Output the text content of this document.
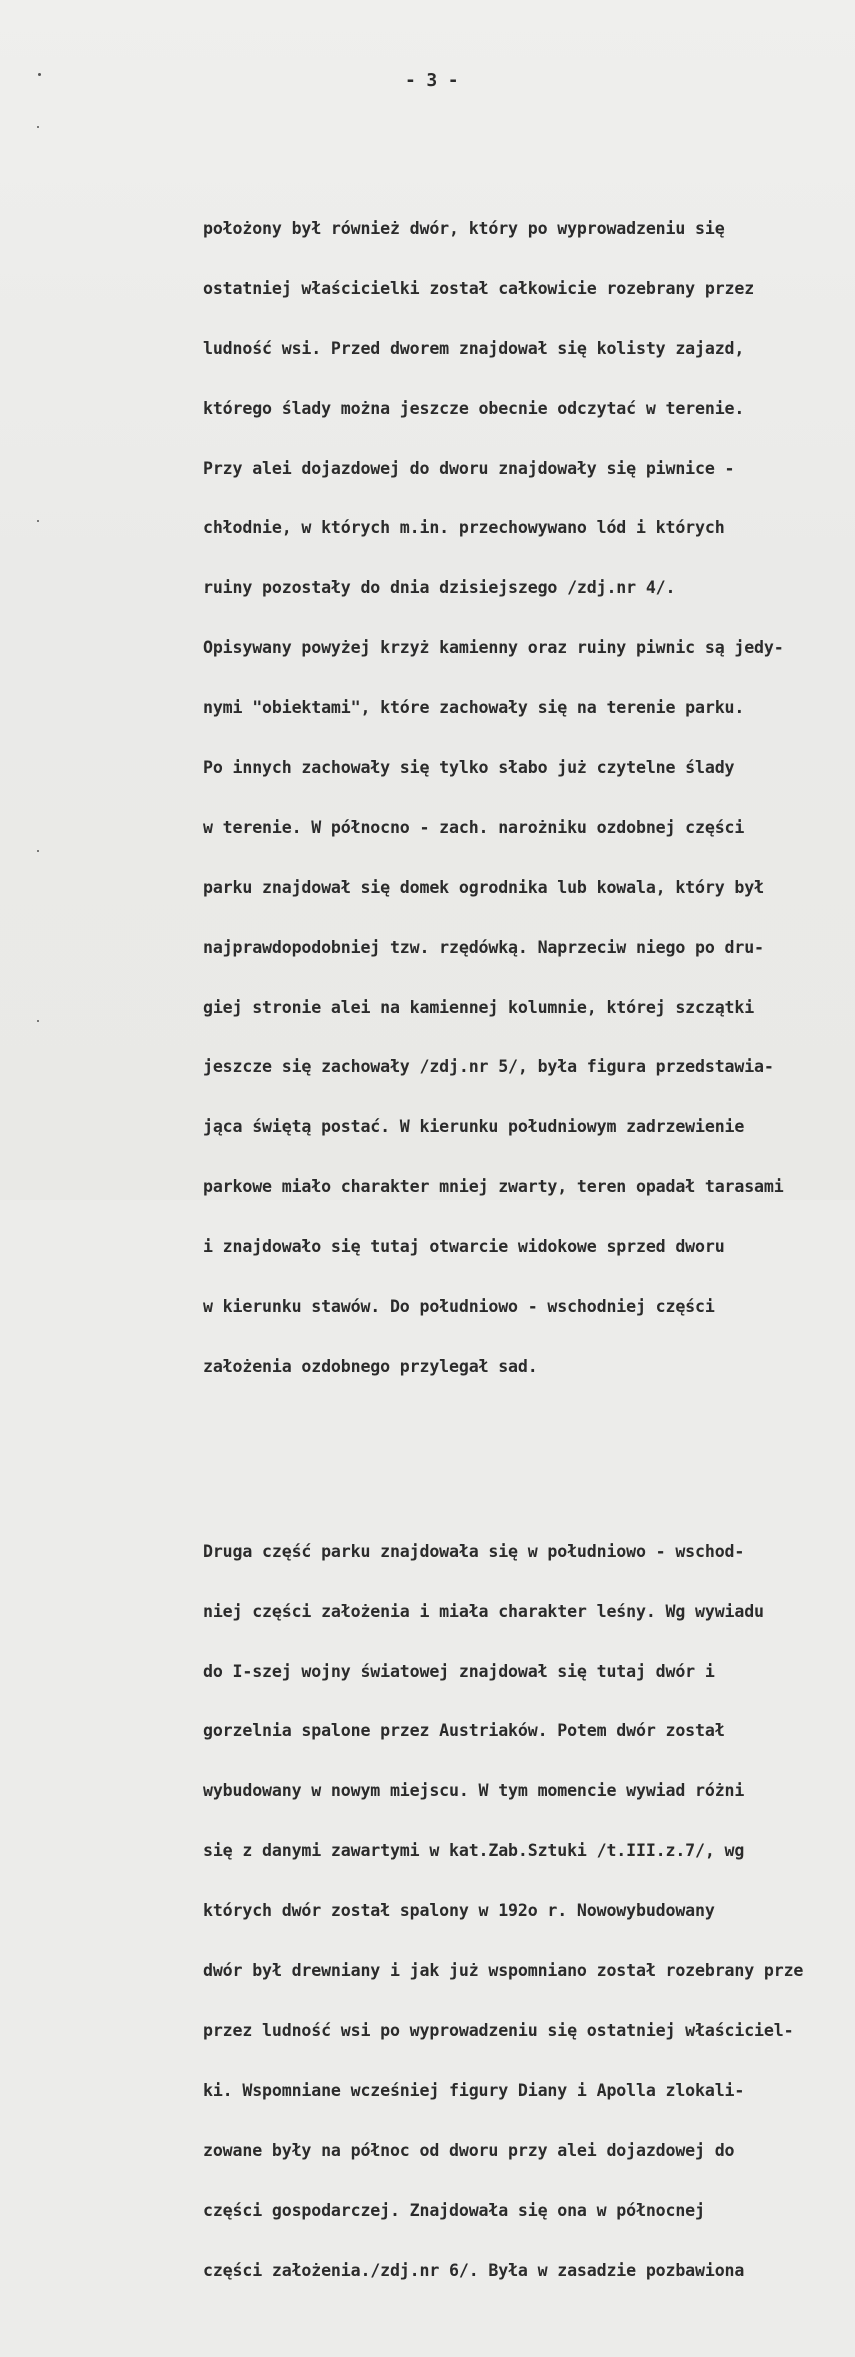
- 3 -

położony był również dwór, który po wyprowadzeniu się

ostatniej właścicielki został całkowicie rozebrany przez

ludność wsi. Przed dworem znajdował się kolisty zajazd,

którego ślady można jeszcze obecnie odczytać w terenie.

Przy alei dojazdowej do dworu znajdowały się piwnice -

chłodnie, w których m.in. przechowywano lód i których

ruiny pozostały do dnia dzisiejszego /zdj.nr 4/.

Opisywany powyżej krzyż kamienny oraz ruiny piwnic są jedy-

nymi "obiektami", które zachowały się na terenie parku.

Po innych zachowały się tylko słabo już czytelne ślady

w terenie. W północno - zach. narożniku ozdobnej części

parku znajdował się domek ogrodnika lub kowala, który był

najprawdopodobniej tzw. rzędówką. Naprzeciw niego po dru-

giej stronie alei na kamiennej kolumnie, której szczątki

jeszcze się zachowały /zdj.nr 5/, była figura przedstawia-

jąca świętą postać. W kierunku południowym zadrzewienie

parkowe miało charakter mniej zwarty, teren opadał tarasami

i znajdowało się tutaj otwarcie widokowe sprzed dworu

w kierunku stawów. Do południowo - wschodniej części

założenia ozdobnego przylegał sad.

Druga część parku znajdowała się w południowo - wschod-

niej części założenia i miała charakter leśny. Wg wywiadu

do I-szej wojny światowej znajdował się tutaj dwór i

gorzelnia spalone przez Austriaków. Potem dwór został

wybudowany w nowym miejscu. W tym momencie wywiad różni

się z danymi zawartymi w kat.Zab.Sztuki /t.III.z.7/, wg

których dwór został spalony w 192o r. Nowowybudowany

dwór był drewniany i jak już wspomniano został rozebrany prze

przez ludność wsi po wyprowadzeniu się ostatniej właściciel-

ki. Wspomniane wcześniej figury Diany i Apolla zlokali-

zowane były na północ od dworu przy alei dojazdowej do

części gospodarczej. Znajdowała się ona w północnej

części założenia./zdj.nr 6/. Była w zasadzie pozbawiona
